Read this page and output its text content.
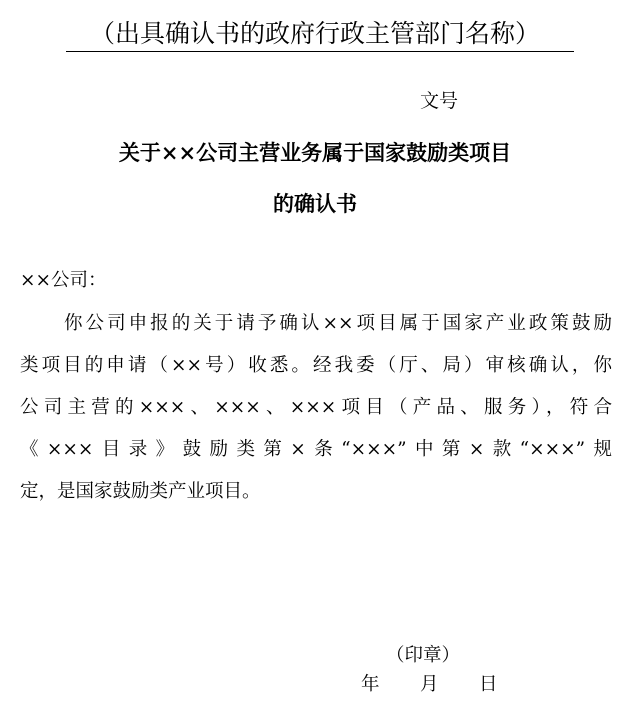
（出具确认书的政府行政主管部门名称）
文号
关于××公司主营业务属于国家鼓励类项目
的确认书
××公司：
你公司申报的关于请予确认××项目属于国家产业政策鼓励
类项目的申请（××号）收悉。经我委（厅、局）审核确认，你
公司主营的×××、×××、×××项目（产品、服务），符合
《×××目录》鼓励类第×条“×××”中第×款“×××”规
定，是国家鼓励类产业项目。
（印章）
年 月 日
